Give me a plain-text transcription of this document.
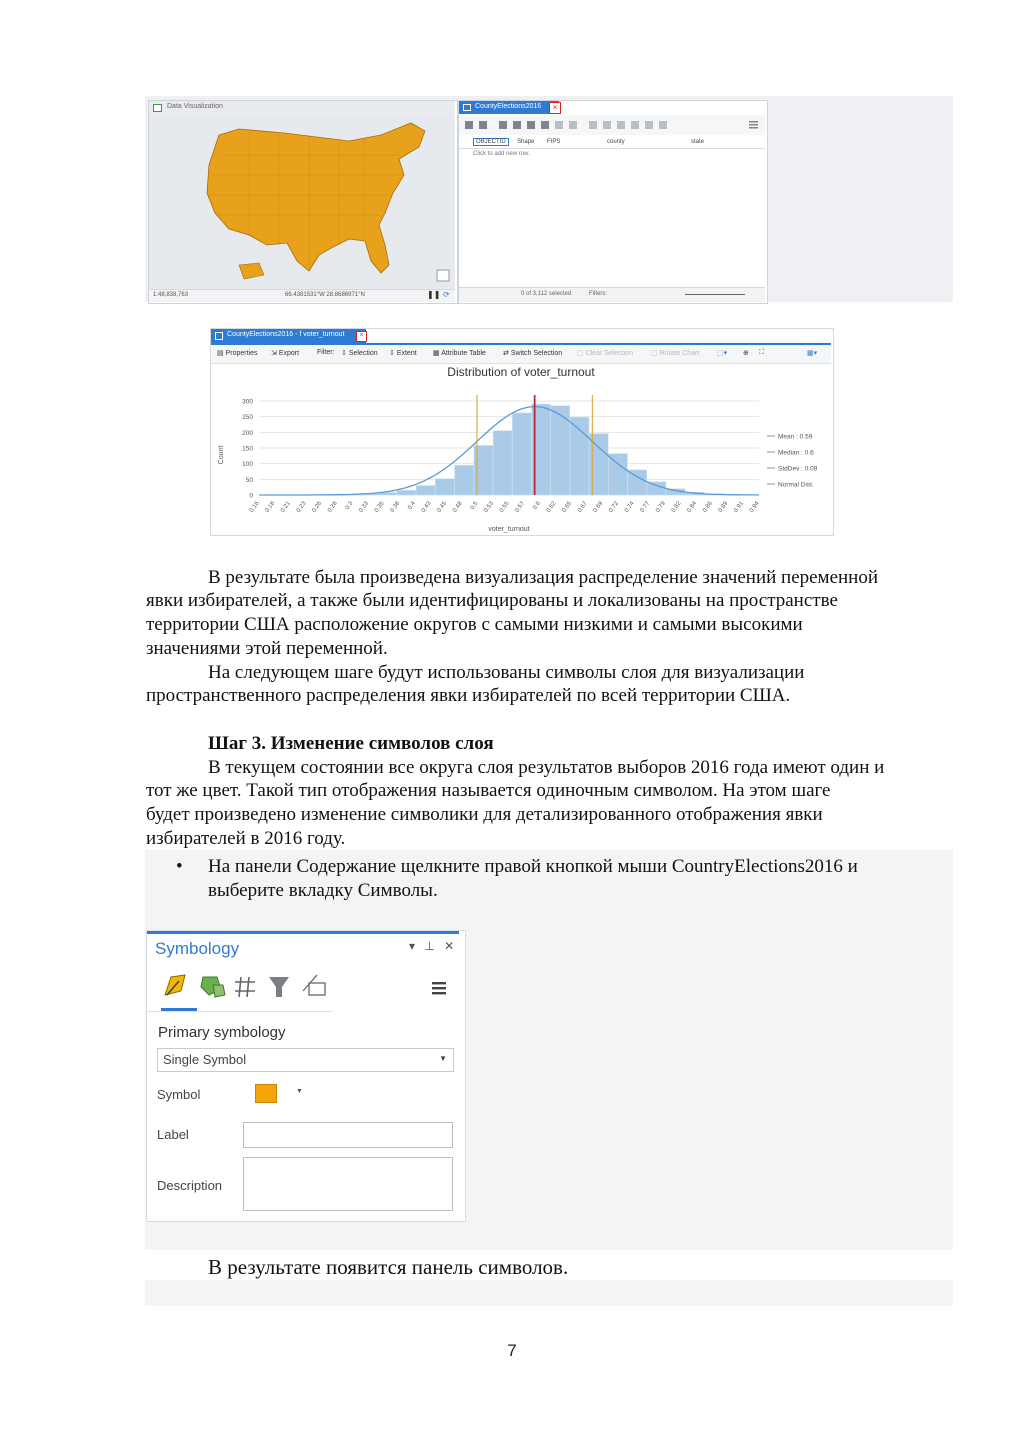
Data Visualization
1:48,838,763	66.4381531°W 28.8686971°N	❚❚ ⟳
CountyElections2016	×
OBJECTID	Shape FIPS	county	state
Click to add new row.
0 of 3,112 selected	Filters:
CountyElections2016 - f voter_turnout	×
▤ Properties ⇲ Export	Filter: ⇩ Selection ⇩ Extent ▦ Attribute Table ⇄ Switch Selection ▢ Clear Selection	▢ Rotate Chart	⬚▾ ⊕ ⛶	▦▾
Distribution of voter_turnout
0
50
100
150
200
250
300
0.16 0.18 0.21 0.23 0.26 0.28 0.3 0.33 0.35 0.38 0.4 0.43 0.45 0.48 0.5 0.53 0.55 0.57 0.6 0.62 0.65 0.67 0.69 0.72 0.74 0.77 0.79 0.82 0.84 0.86 0.89 0.91 0.94
Mean : 0.59
Median : 0.6
StdDev : 0.09
Normal Dist.
Count
voter_turnout
В результате была произведена визуализация распределение значений переменной
явки избирателей, а также были идентифицированы и локализованы на пространстве
территории США расположение округов с самыми низкими и самыми высокими
значениями этой переменной.
На следующем шаге будут использованы символы слоя для визуализации
пространственного распределения явки избирателей по всей территории США.
Шаг 3. Изменение символов слоя
В текущем состоянии все округа слоя результатов выборов 2016 года имеют один и
тот же цвет. Такой тип отображения называется одиночным символом. На этом шаге
будет произведено изменение символики для детализированного отображения явки
избирателей в 2016 году.
• На панели Содержание щелкните правой кнопкой мыши CountryElections2016 и
выберите вкладку Символы.
Symbology	▾ ⊥ ✕
Primary symbology
Single Symbol	▼
Symbol	▼
Label
Description
В результате появится панель символов.
7
